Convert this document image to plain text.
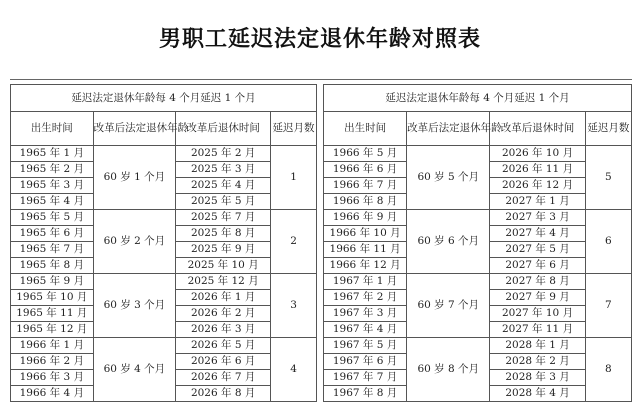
男职工延迟法定退休年龄对照表
延迟法定退休年龄每 4 个月延迟 1 个月			
出生时间	改革后法定退休年龄	改革后退休时间	延迟月数
1965 年 1 月	60 岁 1 个月	2025 年 2 月	1
1965 年 2 月		2025 年 3 月	
1965 年 3 月		2025 年 4 月	
1965 年 4 月		2025 年 5 月	
1965 年 5 月	60 岁 2 个月	2025 年 7 月	2
1965 年 6 月		2025 年 8 月	
1965 年 7 月		2025 年 9 月	
1965 年 8 月		2025 年 10 月	
1965 年 9 月	60 岁 3 个月	2025 年 12 月	3
1965 年 10 月		2026 年 1 月	
1965 年 11 月		2026 年 2 月	
1965 年 12 月		2026 年 3 月	
1966 年 1 月	60 岁 4 个月	2026 年 5 月	4
1966 年 2 月		2026 年 6 月	
1966 年 3 月		2026 年 7 月	
1966 年 4 月		2026 年 8 月	
延迟法定退休年龄每 4 个月延迟 1 个月			
出生时间	改革后法定退休年龄	改革后退休时间	延迟月数
1966 年 5 月	60 岁 5 个月	2026 年 10 月	5
1966 年 6 月		2026 年 11 月	
1966 年 7 月		2026 年 12 月	
1966 年 8 月		2027 年 1 月	
1966 年 9 月	60 岁 6 个月	2027 年 3 月	6
1966 年 10 月		2027 年 4 月	
1966 年 11 月		2027 年 5 月	
1966 年 12 月		2027 年 6 月	
1967 年 1 月	60 岁 7 个月	2027 年 8 月	7
1967 年 2 月		2027 年 9 月	
1967 年 3 月		2027 年 10 月	
1967 年 4 月		2027 年 11 月	
1967 年 5 月	60 岁 8 个月	2028 年 1 月	8
1967 年 6 月		2028 年 2 月	
1967 年 7 月		2028 年 3 月	
1967 年 8 月		2028 年 4 月	
